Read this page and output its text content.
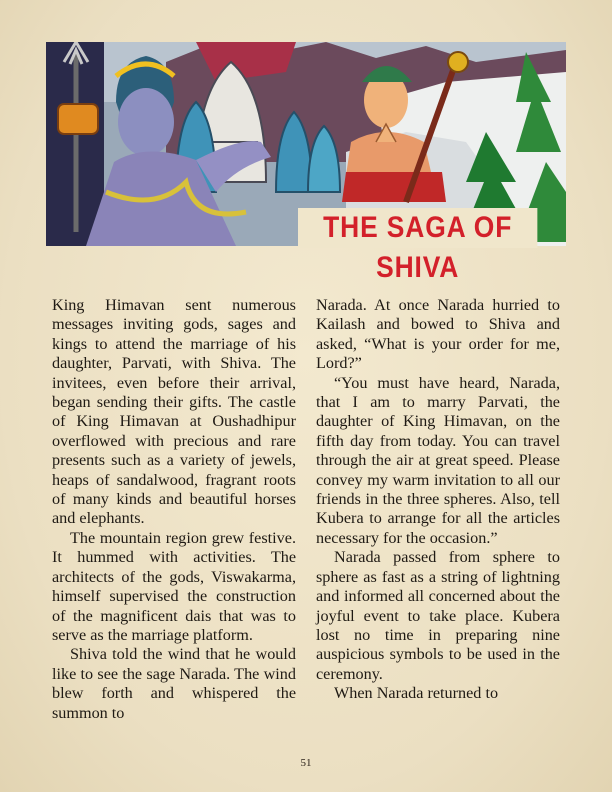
THE SAGA OF SHIVA

King Himavan sent numerous messages inviting gods, sages and kings to attend the marriage of his daughter, Parvati, with Shiva. The invitees, even before their arrival, began sending their gifts. The castle of King Himavan at Oushadhipur overflowed with precious and rare presents such as a variety of jewels, heaps of sandalwood, fragrant roots of many kinds and beautiful horses and elephants.

The mountain region grew festive. It hummed with activities. The architects of the gods, Viswakarma, himself supervised the construction of the magnificent dais that was to serve as the marriage platform.

Shiva told the wind that he would like to see the sage Narada. The wind blew forth and whispered the summon to

Narada. At once Narada hurried to Kailash and bowed to Shiva and asked, “What is your order for me, Lord?”

“You must have heard, Narada, that I am to marry Parvati, the daughter of King Himavan, on the fifth day from today. You can travel through the air at great speed. Please convey my warm invitation to all our friends in the three spheres. Also, tell Kubera to arrange for all the articles necessary for the occasion.”

Narada passed from sphere to sphere as fast as a string of lightning and informed all concerned about the joyful event to take place. Kubera lost no time in preparing nine auspicious symbols to be used in the ceremony.

When Narada returned to

51
